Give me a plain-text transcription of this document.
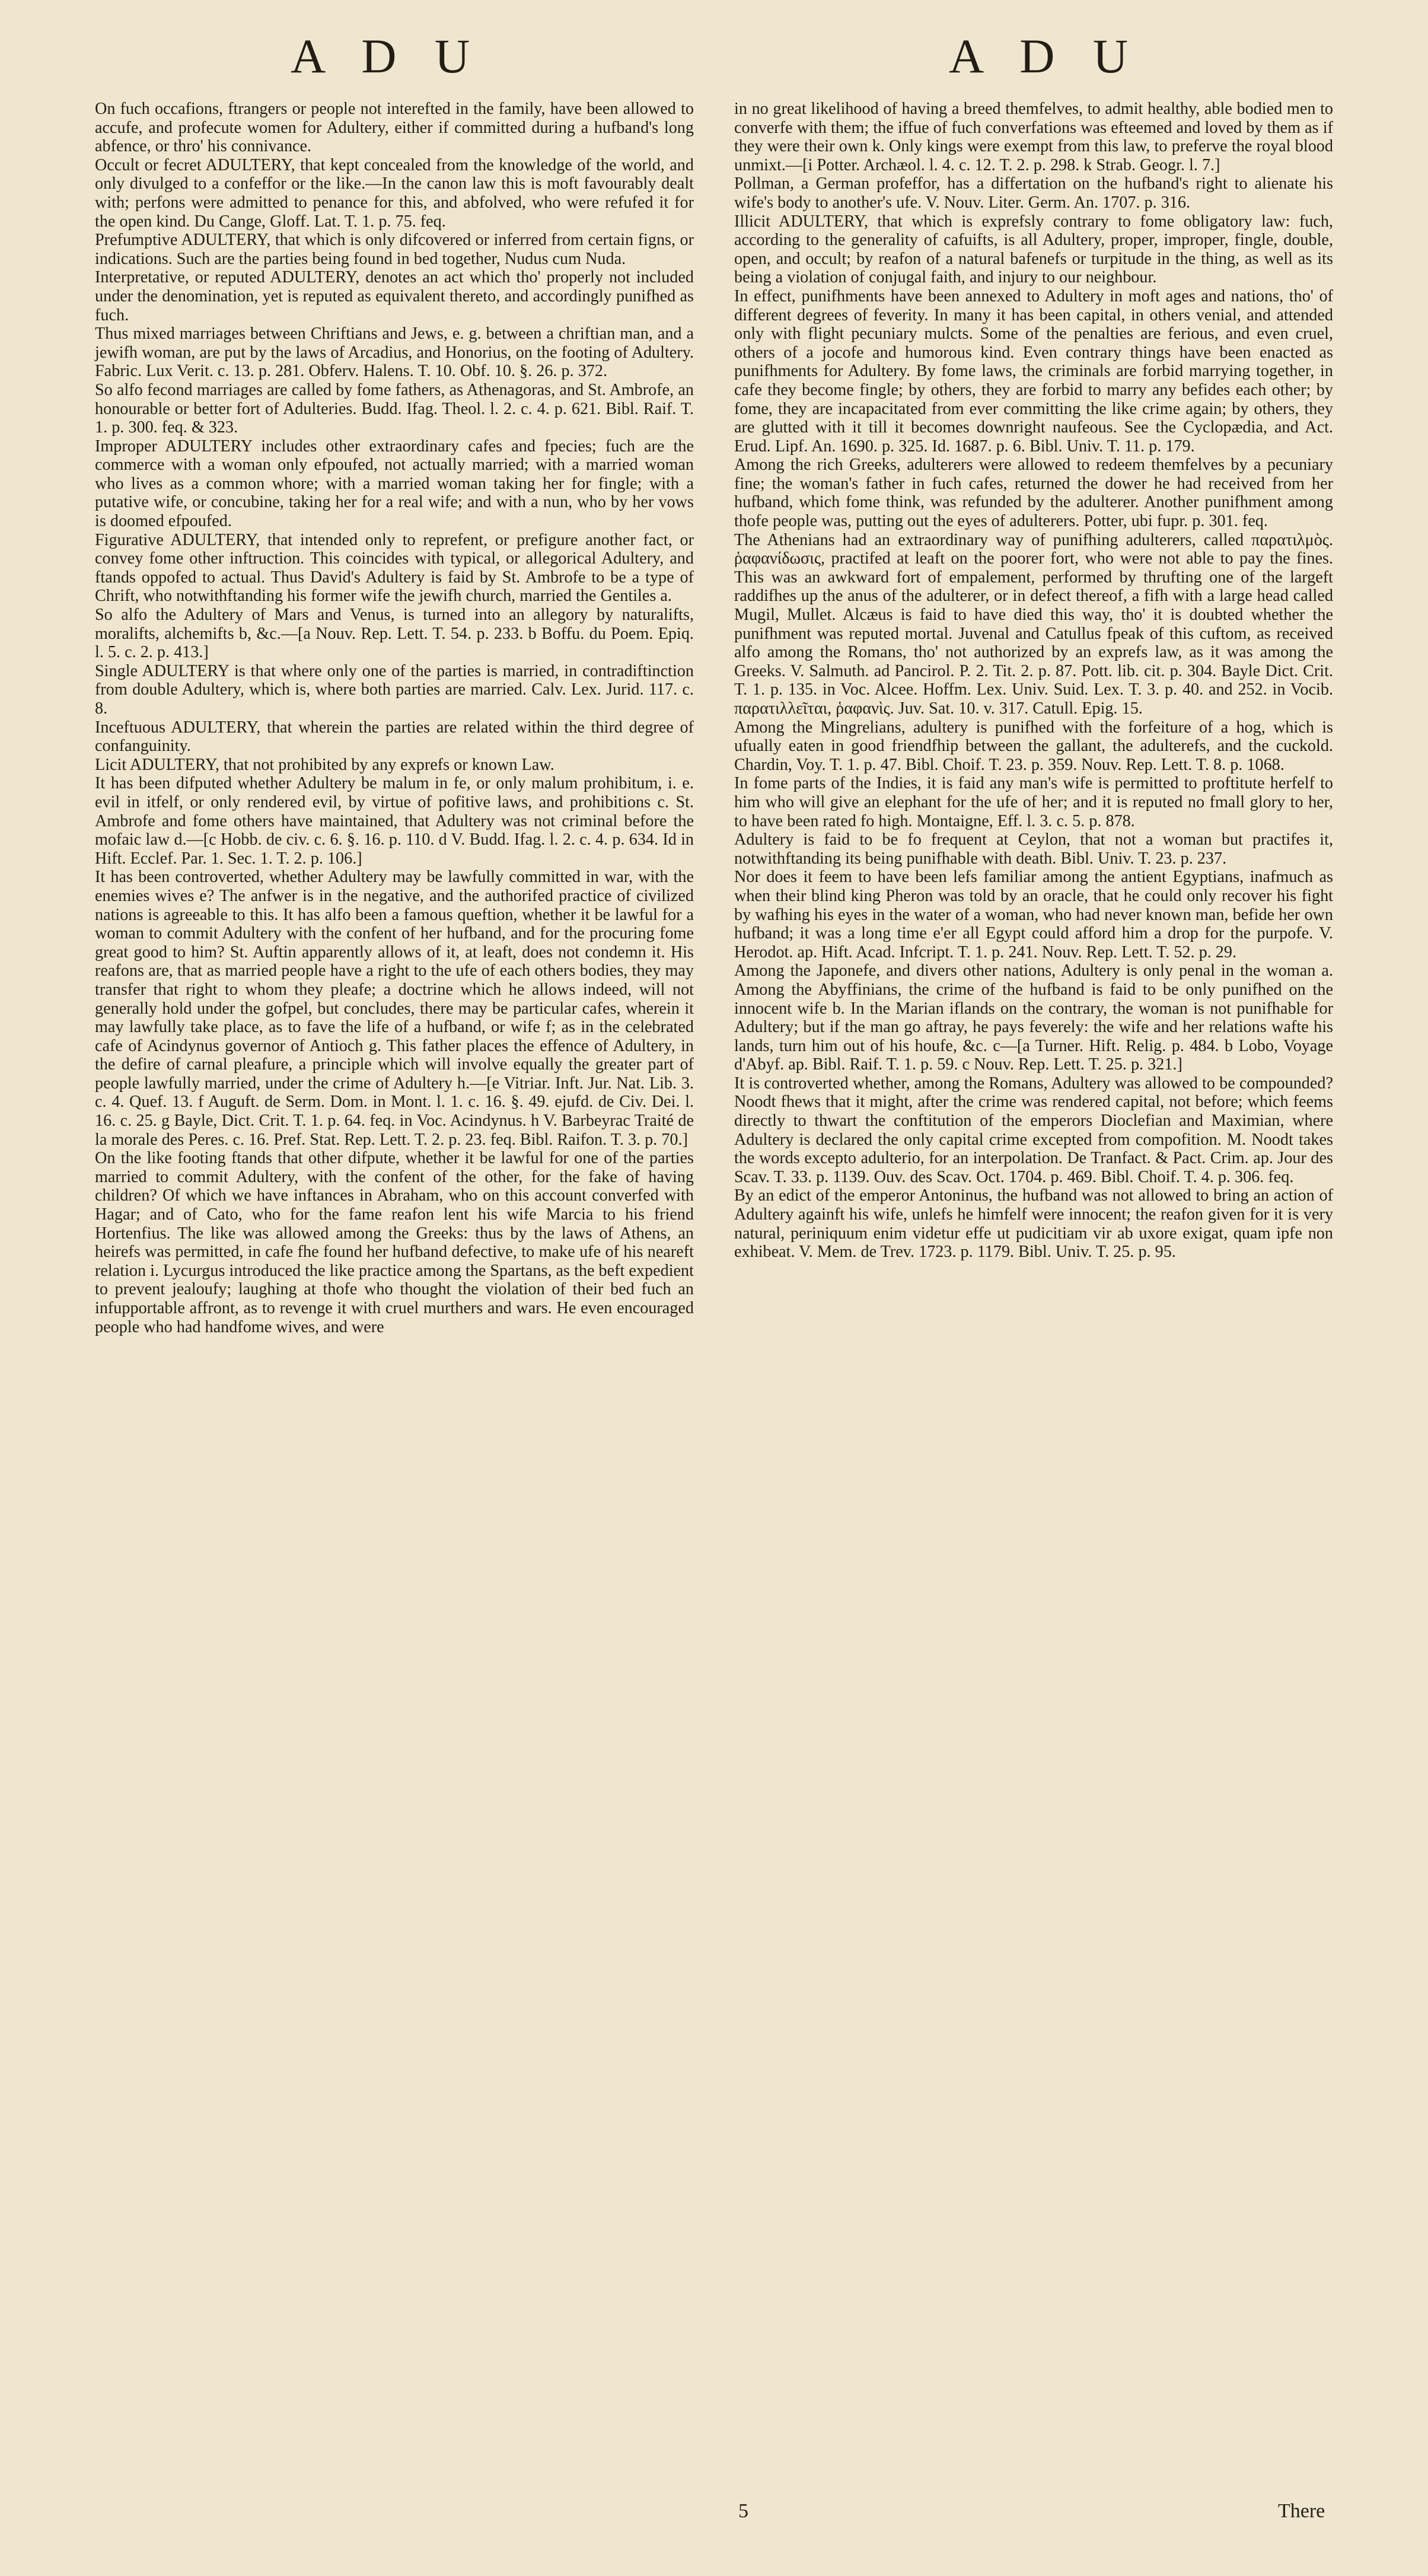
A D U	A D U

On fuch occafions, ftrangers or people not interefted in the family, have been allowed to accufe, and profecute women for Adultery, either if committed during a hufband's long abfence, or thro' his connivance.

Occult or fecret ADULTERY, that kept concealed from the knowledge of the world, and only divulged to a confeffor or the like.—In the canon law this is moft favourably dealt with; perfons were admitted to penance for this, and abfolved, who were refufed it for the open kind. Du Cange, Gloff. Lat. T. 1. p. 75. feq.

Prefumptive ADULTERY, that which is only difcovered or inferred from certain figns, or indications. Such are the parties being found in bed together, Nudus cum Nuda.

Interpretative, or reputed ADULTERY, denotes an act which tho' properly not included under the denomination, yet is reputed as equivalent thereto, and accordingly punifhed as fuch.

Thus mixed marriages between Chriftians and Jews, e. g. between a chriftian man, and a jewifh woman, are put by the laws of Arcadius, and Honorius, on the footing of Adultery. Fabric. Lux Verit. c. 13. p. 281. Obferv. Halens. T. 10. Obf. 10. §. 26. p. 372.

So alfo fecond marriages are called by fome fathers, as Athenagoras, and St. Ambrofe, an honourable or better fort of Adulteries. Budd. Ifag. Theol. l. 2. c. 4. p. 621. Bibl. Raif. T. 1. p. 300. feq. & 323.

Improper ADULTERY includes other extraordinary cafes and fpecies; fuch are the commerce with a woman only efpoufed, not actually married; with a married woman who lives as a common whore; with a married woman taking her for fingle; with a putative wife, or concubine, taking her for a real wife; and with a nun, who by her vows is doomed efpoufed.

Figurative ADULTERY, that intended only to reprefent, or prefigure another fact, or convey fome other inftruction. This coincides with typical, or allegorical Adultery, and ftands oppofed to actual. Thus David's Adultery is faid by St. Ambrofe to be a type of Chrift, who notwithftanding his former wife the jewifh church, married the Gentiles a.

So alfo the Adultery of Mars and Venus, is turned into an allegory by naturalifts, moralifts, alchemifts b, &c.—[a Nouv. Rep. Lett. T. 54. p. 233. b Boffu. du Poem. Epiq. l. 5. c. 2. p. 413.]

Single ADULTERY is that where only one of the parties is married, in contradiftinction from double Adultery, which is, where both parties are married. Calv. Lex. Jurid. 117. c. 8.

Inceftuous ADULTERY, that wherein the parties are related within the third degree of confanguinity.

Licit ADULTERY, that not prohibited by any exprefs or known Law.

It has been difputed whether Adultery be malum in fe, or only malum prohibitum, i. e. evil in itfelf, or only rendered evil, by virtue of pofitive laws, and prohibitions c. St. Ambrofe and fome others have maintained, that Adultery was not criminal before the mofaic law d.—[c Hobb. de civ. c. 6. §. 16. p. 110. d V. Budd. Ifag. l. 2. c. 4. p. 634. Id in Hift. Ecclef. Par. 1. Sec. 1. T. 2. p. 106.]

It has been controverted, whether Adultery may be lawfully committed in war, with the enemies wives e? The anfwer is in the negative, and the authorifed practice of civilized nations is agreeable to this. It has alfo been a famous queftion, whether it be lawful for a woman to commit Adultery with the confent of her hufband, and for the procuring fome great good to him? St. Auftin apparently allows of it, at leaft, does not condemn it. His reafons are, that as married people have a right to the ufe of each others bodies, they may transfer that right to whom they pleafe; a doctrine which he allows indeed, will not generally hold under the gofpel, but concludes, there may be particular cafes, wherein it may lawfully take place, as to fave the life of a hufband, or wife f; as in the celebrated cafe of Acindynus governor of Antioch g. This father places the effence of Adultery, in the defire of carnal pleafure, a principle which will involve equally the greater part of people lawfully married, under the crime of Adultery h.—[e Vitriar. Inft. Jur. Nat. Lib. 3. c. 4. Quef. 13. f Auguft. de Serm. Dom. in Mont. l. 1. c. 16. §. 49. ejufd. de Civ. Dei. l. 16. c. 25. g Bayle, Dict. Crit. T. 1. p. 64. feq. in Voc. Acindynus. h V. Barbeyrac Traité de la morale des Peres. c. 16. Pref. Stat. Rep. Lett. T. 2. p. 23. feq. Bibl. Raifon. T. 3. p. 70.]

On the like footing ftands that other difpute, whether it be lawful for one of the parties married to commit Adultery, with the confent of the other, for the fake of having children? Of which we have inftances in Abraham, who on this account converfed with Hagar; and of Cato, who for the fame reafon lent his wife Marcia to his friend Hortenfius. The like was allowed among the Greeks: thus by the laws of Athens, an heirefs was permitted, in cafe fhe found her hufband defective, to make ufe of his neareft relation i. Lycurgus introduced the like practice among the Spartans, as the beft expedient to prevent jealoufy; laughing at thofe who thought the violation of their bed fuch an infupportable affront, as to revenge it with cruel murthers and wars. He even encouraged people who had handfome wives, and were

in no great likelihood of having a breed themfelves, to admit healthy, able bodied men to converfe with them; the iffue of fuch converfations was efteemed and loved by them as if they were their own k. Only kings were exempt from this law, to preferve the royal blood unmixt.—[i Potter. Archæol. l. 4. c. 12. T. 2. p. 298. k Strab. Geogr. l. 7.]

Pollman, a German profeffor, has a differtation on the hufband's right to alienate his wife's body to another's ufe. V. Nouv. Liter. Germ. An. 1707. p. 316.

Illicit ADULTERY, that which is exprefsly contrary to fome obligatory law: fuch, according to the generality of cafuifts, is all Adultery, proper, improper, fingle, double, open, and occult; by reafon of a natural bafenefs or turpitude in the thing, as well as its being a violation of conjugal faith, and injury to our neighbour.

In effect, punifhments have been annexed to Adultery in moft ages and nations, tho' of different degrees of feverity. In many it has been capital, in others venial, and attended only with flight pecuniary mulcts. Some of the penalties are ferious, and even cruel, others of a jocofe and humorous kind. Even contrary things have been enacted as punifhments for Adultery. By fome laws, the criminals are forbid marrying together, in cafe they become fingle; by others, they are forbid to marry any befides each other; by fome, they are incapacitated from ever committing the like crime again; by others, they are glutted with it till it becomes downright naufeous. See the Cyclopædia, and Act. Erud. Lipf. An. 1690. p. 325. Id. 1687. p. 6. Bibl. Univ. T. 11. p. 179.

Among the rich Greeks, adulterers were allowed to redeem themfelves by a pecuniary fine; the woman's father in fuch cafes, returned the dower he had received from her hufband, which fome think, was refunded by the adulterer. Another punifhment among thofe people was, putting out the eyes of adulterers. Potter, ubi fupr. p. 301. feq.

The Athenians had an extraordinary way of punifhing adulterers, called παρατιλμὸς. ῥαφανίδωσις, practifed at leaft on the poorer fort, who were not able to pay the fines. This was an awkward fort of empalement, performed by thrufting one of the largeft raddifhes up the anus of the adulterer, or in defect thereof, a fifh with a large head called Mugil, Mullet. Alcæus is faid to have died this way, tho' it is doubted whether the punifhment was reputed mortal. Juvenal and Catullus fpeak of this cuftom, as received alfo among the Romans, tho' not authorized by an exprefs law, as it was among the Greeks. V. Salmuth. ad Pancirol. P. 2. Tit. 2. p. 87. Pott. lib. cit. p. 304. Bayle Dict. Crit. T. 1. p. 135. in Voc. Alcee. Hoffm. Lex. Univ. Suid. Lex. T. 3. p. 40. and 252. in Vocib. παρατιλλεῖται, ῥαφανὶς. Juv. Sat. 10. v. 317. Catull. Epig. 15.

Among the Mingrelians, adultery is punifhed with the forfeiture of a hog, which is ufually eaten in good friendfhip between the gallant, the adulterefs, and the cuckold. Chardin, Voy. T. 1. p. 47. Bibl. Choif. T. 23. p. 359. Nouv. Rep. Lett. T. 8. p. 1068.

In fome parts of the Indies, it is faid any man's wife is permitted to proftitute herfelf to him who will give an elephant for the ufe of her; and it is reputed no fmall glory to her, to have been rated fo high. Montaigne, Eff. l. 3. c. 5. p. 878.

Adultery is faid to be fo frequent at Ceylon, that not a woman but practifes it, notwithftanding its being punifhable with death. Bibl. Univ. T. 23. p. 237.

Nor does it feem to have been lefs familiar among the antient Egyptians, inafmuch as when their blind king Pheron was told by an oracle, that he could only recover his fight by wafhing his eyes in the water of a woman, who had never known man, befide her own hufband; it was a long time e'er all Egypt could afford him a drop for the purpofe. V. Herodot. ap. Hift. Acad. Infcript. T. 1. p. 241. Nouv. Rep. Lett. T. 52. p. 29.

Among the Japonefe, and divers other nations, Adultery is only penal in the woman a. Among the Abyffinians, the crime of the hufband is faid to be only punifhed on the innocent wife b. In the Marian iflands on the contrary, the woman is not punifhable for Adultery; but if the man go aftray, he pays feverely: the wife and her relations wafte his lands, turn him out of his houfe, &c. c—[a Turner. Hift. Relig. p. 484. b Lobo, Voyage d'Abyf. ap. Bibl. Raif. T. 1. p. 59. c Nouv. Rep. Lett. T. 25. p. 321.]

It is controverted whether, among the Romans, Adultery was allowed to be compounded? Noodt fhews that it might, after the crime was rendered capital, not before; which feems directly to thwart the conftitution of the emperors Dioclefian and Maximian, where Adultery is declared the only capital crime excepted from compofition. M. Noodt takes the words excepto adulterio, for an interpolation. De Tranfact. & Pact. Crim. ap. Jour des Scav. T. 33. p. 1139. Ouv. des Scav. Oct. 1704. p. 469. Bibl. Choif. T. 4. p. 306. feq.

By an edict of the emperor Antoninus, the hufband was not allowed to bring an action of Adultery againft his wife, unlefs he himfelf were innocent; the reafon given for it is very natural, periniquum enim videtur effe ut pudicitiam vir ab uxore exigat, quam ipfe non exhibeat. V. Mem. de Trev. 1723. p. 1179. Bibl. Univ. T. 25. p. 95.

5	There
